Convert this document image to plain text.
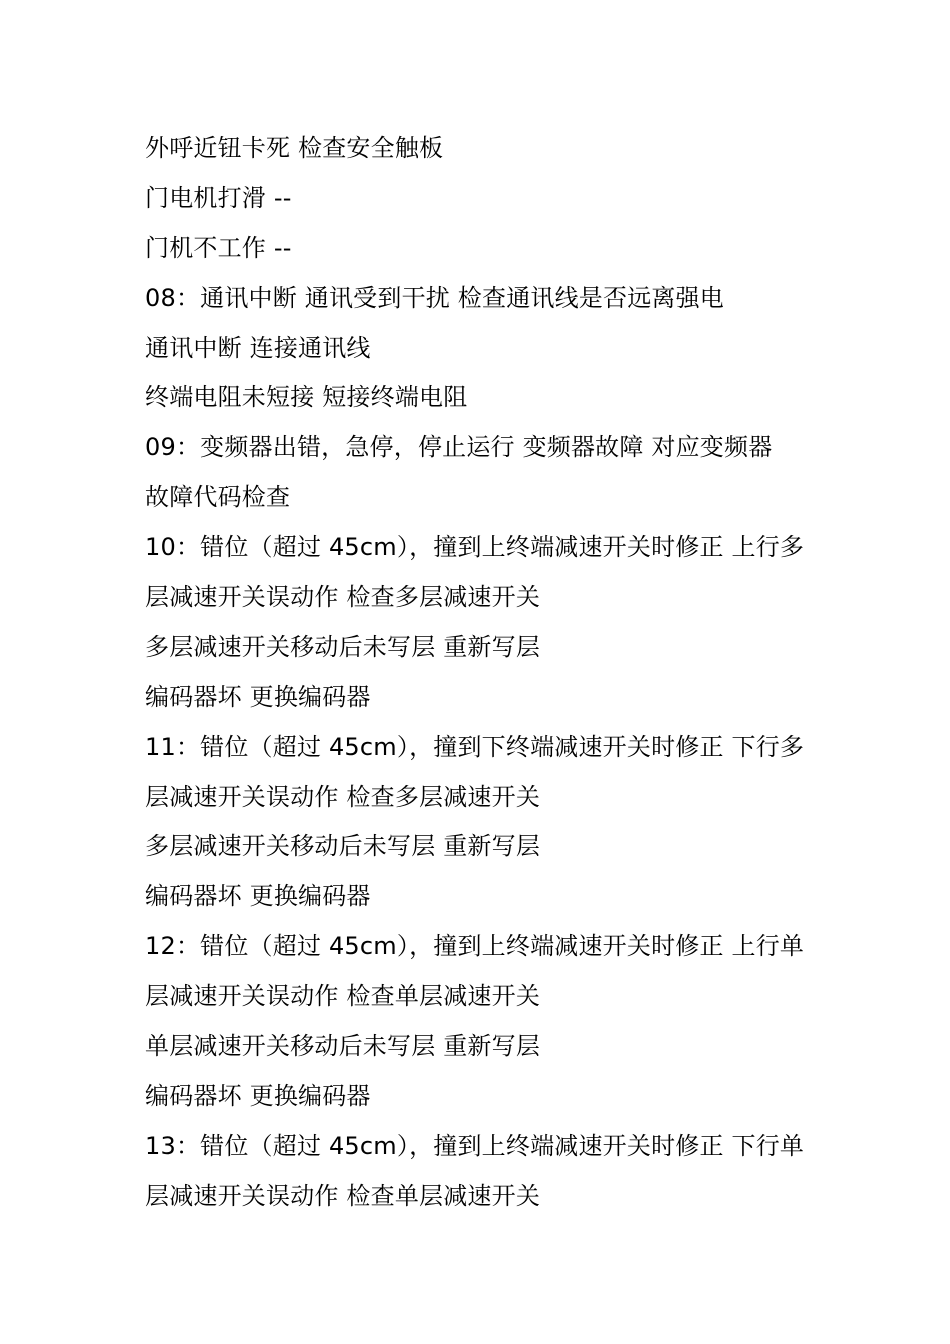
外呼近钮卡死 检查安全触板
门电机打滑 --
门机不工作 --
08：通讯中断 通讯受到干扰 检查通讯线是否远离强电
通讯中断 连接通讯线
终端电阻未短接 短接终端电阻
09：变频器出错，急停，停止运行 变频器故障 对应变频器
故障代码检查
10：错位（超过 45cm），撞到上终端减速开关时修正 上行多
层减速开关误动作 检查多层减速开关
多层减速开关移动后未写层 重新写层
编码器坏 更换编码器
11：错位（超过 45cm），撞到下终端减速开关时修正 下行多
层减速开关误动作 检查多层减速开关
多层减速开关移动后未写层 重新写层
编码器坏 更换编码器
12：错位（超过 45cm），撞到上终端减速开关时修正 上行单
层减速开关误动作 检查单层减速开关
单层减速开关移动后未写层 重新写层
编码器坏 更换编码器
13：错位（超过 45cm），撞到上终端减速开关时修正 下行单
层减速开关误动作 检查单层减速开关
